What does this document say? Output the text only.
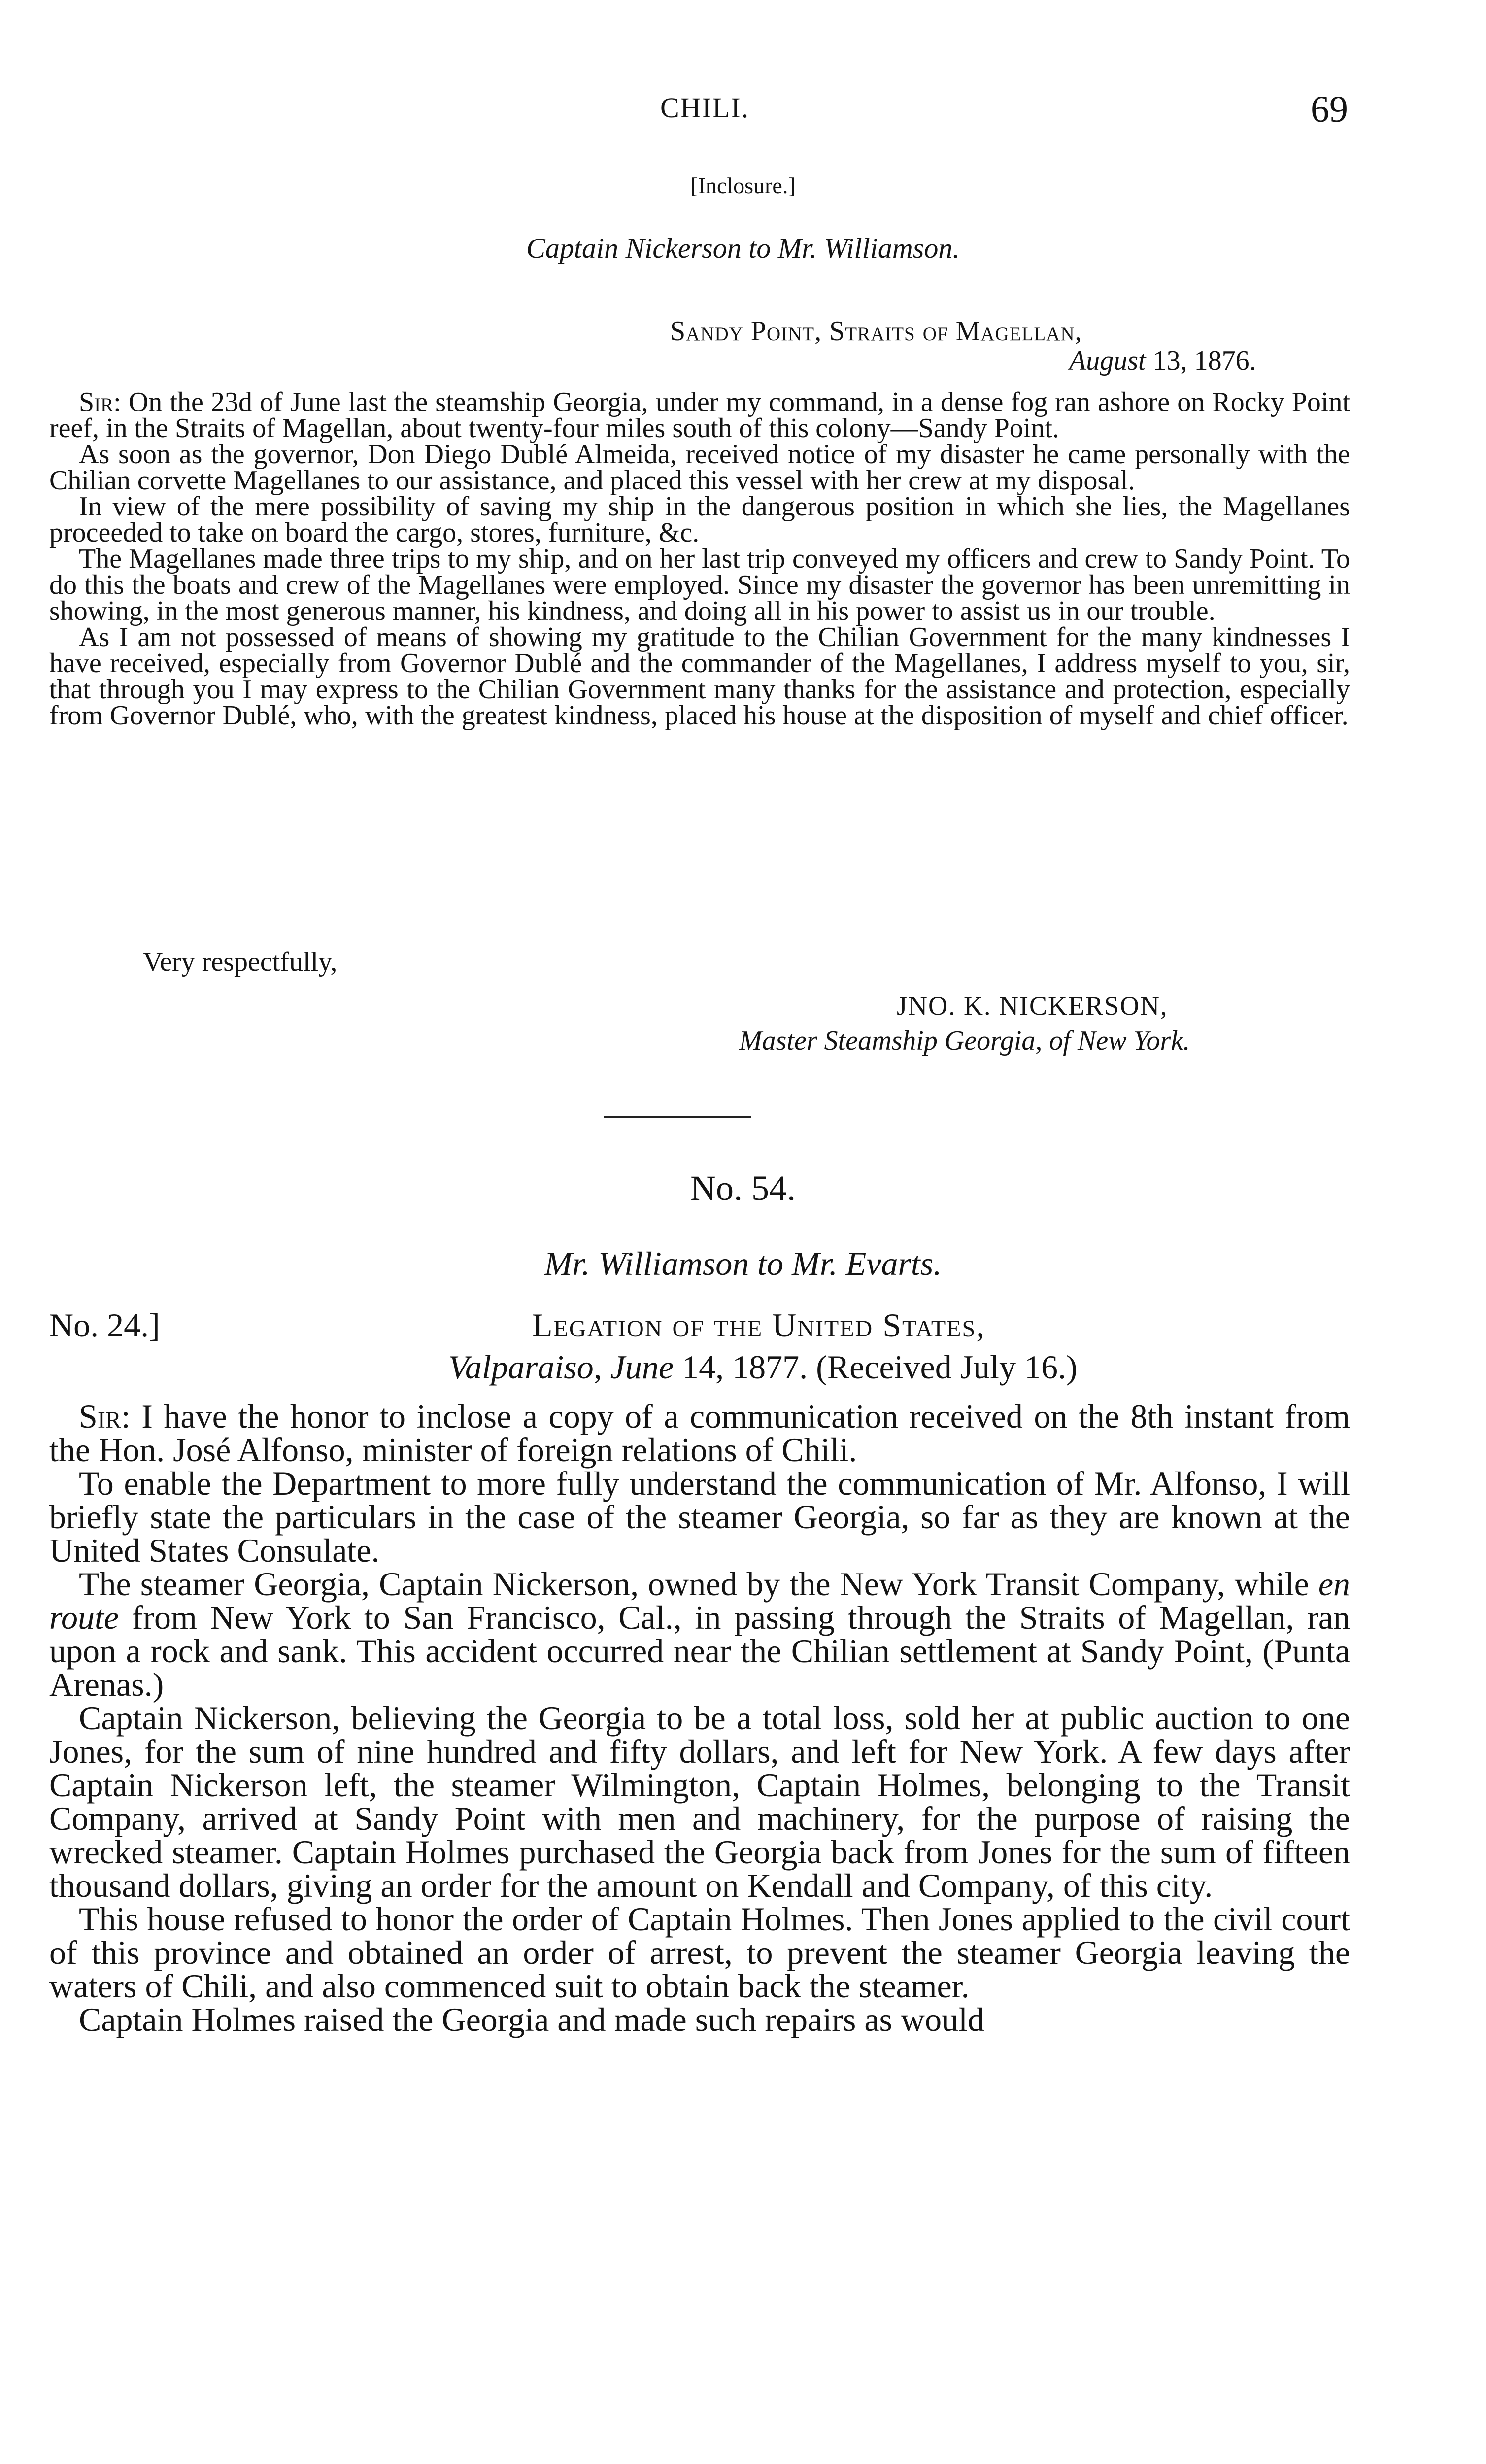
CHILI.	69
[Inclosure.]
Captain Nickerson to Mr. Williamson.
Sandy Point, Straits of Magellan,
August 13, 1876.

Sir: On the 23d of June last the steamship Georgia, under my command, in a dense fog ran ashore on Rocky Point reef, in the Straits of Magellan, about twenty-four miles south of this colony—Sandy Point.

As soon as the governor, Don Diego Dublé Almeida, received notice of my disaster he came personally with the Chilian corvette Magellanes to our assistance, and placed this vessel with her crew at my disposal.

In view of the mere possibility of saving my ship in the dangerous position in which she lies, the Magellanes proceeded to take on board the cargo, stores, furniture, &c.

The Magellanes made three trips to my ship, and on her last trip conveyed my officers and crew to Sandy Point. To do this the boats and crew of the Magellanes were employed. Since my disaster the governor has been unremitting in showing, in the most generous manner, his kindness, and doing all in his power to assist us in our trouble.

As I am not possessed of means of showing my gratitude to the Chilian Government for the many kindnesses I have received, especially from Governor Dublé and the commander of the Magellanes, I address myself to you, sir, that through you I may express to the Chilian Government many thanks for the assistance and protection, especially from Governor Dublé, who, with the greatest kindness, placed his house at the disposition of myself and chief officer.

Very respectfully,
JNO. K. NICKERSON,
Master Steamship Georgia, of New York.
No. 54.
Mr. Williamson to Mr. Evarts.
No. 24.]	Legation of the United States,
Valparaiso, June 14, 1877. (Received July 16.)

Sir: I have the honor to inclose a copy of a communication received on the 8th instant from the Hon. José Alfonso, minister of foreign relations of Chili.

To enable the Department to more fully understand the communication of Mr. Alfonso, I will briefly state the particulars in the case of the steamer Georgia, so far as they are known at the United States Consulate.

The steamer Georgia, Captain Nickerson, owned by the New York Transit Company, while en route from New York to San Francisco, Cal., in passing through the Straits of Magellan, ran upon a rock and sank. This accident occurred near the Chilian settlement at Sandy Point, (Punta Arenas.)

Captain Nickerson, believing the Georgia to be a total loss, sold her at public auction to one Jones, for the sum of nine hundred and fifty dollars, and left for New York. A few days after Captain Nickerson left, the steamer Wilmington, Captain Holmes, belonging to the Transit Company, arrived at Sandy Point with men and machinery, for the purpose of raising the wrecked steamer. Captain Holmes purchased the Georgia back from Jones for the sum of fifteen thousand dollars, giving an order for the amount on Kendall and Company, of this city.

This house refused to honor the order of Captain Holmes. Then Jones applied to the civil court of this province and obtained an order of arrest, to prevent the steamer Georgia leaving the waters of Chili, and also commenced suit to obtain back the steamer.

Captain Holmes raised the Georgia and made such repairs as would
